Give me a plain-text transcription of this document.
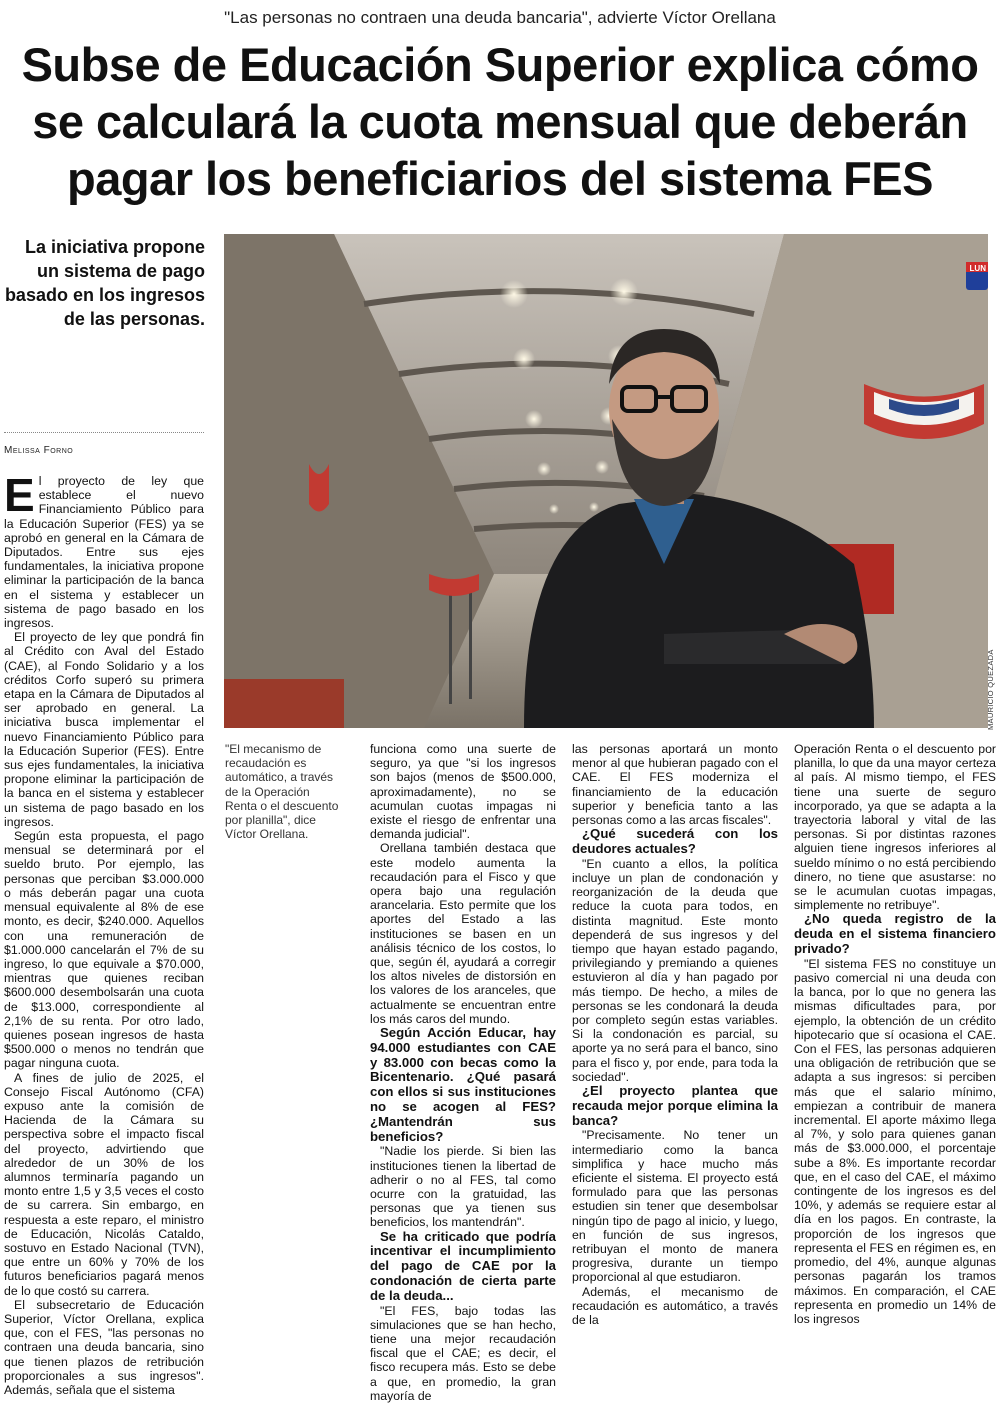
"Las personas no contraen una deuda bancaria", advierte Víctor Orellana
Subse de Educación Superior explica cómo se calculará la cuota mensual que deberán pagar los beneficiarios del sistema FES
La iniciativa propone un sistema de pago basado en los ingresos de las personas.
Melissa Forno

El proyecto de ley que establece el nuevo Financiamiento Público para la Educación Superior (FES) ya se aprobó en general en la Cámara de Diputados. Entre sus ejes fundamentales, la iniciativa propone eliminar la participación de la banca en el sistema y establecer un sistema de pago basado en los ingresos.

El proyecto de ley que pondrá fin al Crédito con Aval del Estado (CAE), al Fondo Solidario y a los créditos Corfo superó su primera etapa en la Cámara de Diputados al ser aprobado en general. La iniciativa busca implementar el nuevo Financiamiento Público para la Educación Superior (FES). Entre sus ejes fundamentales, la iniciativa propone eliminar la participación de la banca en el sistema y establecer un sistema de pago basado en los ingresos.

Según esta propuesta, el pago mensual se determinará por el sueldo bruto. Por ejemplo, las personas que perciban $3.000.000 o más deberán pagar una cuota mensual equivalente al 8% de ese monto, es decir, $240.000. Aquellos con una remuneración de $1.000.000 cancelarán el 7% de su ingreso, lo que equivale a $70.000, mientras que quienes reciban $600.000 desembolsarán una cuota de $13.000, correspondiente al 2,1% de su renta. Por otro lado, quienes posean ingresos de hasta $500.000 o menos no tendrán que pagar ninguna cuota.

A fines de julio de 2025, el Consejo Fiscal Autónomo (CFA) expuso ante la comisión de Hacienda de la Cámara su perspectiva sobre el impacto fiscal del proyecto, advirtiendo que alrededor de un 30% de los alumnos terminaría pagando un monto entre 1,5 y 3,5 veces el costo de su carrera. Sin embargo, en respuesta a este reparo, el ministro de Educación, Nicolás Cataldo, sostuvo en Estado Nacional (TVN), que entre un 60% y 70% de los futuros beneficiarios pagará menos de lo que costó su carrera.

El subsecretario de Educación Superior, Víctor Orellana, explica que, con el FES, "las personas no contraen una deuda bancaria, sino que tienen plazos de retribución proporcionales a sus ingresos". Además, señala que el sistema

LUN
MAURICIO QUEZADA
"El mecanismo de recaudación es automático, a través de la Operación Renta o el descuento por planilla", dice Víctor Orellana.

funciona como una suerte de seguro, ya que "si los ingresos son bajos (menos de $500.000, aproximadamente), no se acumulan cuotas impagas ni existe el riesgo de enfrentar una demanda judicial".

Orellana también destaca que este modelo aumenta la recaudación para el Fisco y que opera bajo una regulación arancelaria. Esto permite que los aportes del Estado a las instituciones se basen en un análisis técnico de los costos, lo que, según él, ayudará a corregir los altos niveles de distorsión en los valores de los aranceles, que actualmente se encuentran entre los más caros del mundo.

Según Acción Educar, hay 94.000 estudiantes con CAE y 83.000 con becas como la Bicentenario. ¿Qué pasará con ellos si sus instituciones no se acogen al FES? ¿Mantendrán sus beneficios?

"Nadie los pierde. Si bien las instituciones tienen la libertad de adherir o no al FES, tal como ocurre con la gratuidad, las personas que ya tienen sus beneficios, los mantendrán".

Se ha criticado que podría incentivar el incumplimiento del pago de CAE por la condonación de cierta parte de la deuda...

"El FES, bajo todas las simulaciones que se han hecho, tiene una mejor recaudación fiscal que el CAE; es decir, el fisco recupera más. Esto se debe a que, en promedio, la gran mayoría de

las personas aportará un monto menor al que hubieran pagado con el CAE. El FES moderniza el financiamiento de la educación superior y beneficia tanto a las personas como a las arcas fiscales".

¿Qué sucederá con los deudores actuales?

"En cuanto a ellos, la política incluye un plan de condonación y reorganización de la deuda que reduce la cuota para todos, en distinta magnitud. Este monto dependerá de sus ingresos y del tiempo que hayan estado pagando, privilegiando y premiando a quienes estuvieron al día y han pagado por más tiempo. De hecho, a miles de personas se les condonará la deuda por completo según estas variables. Si la condonación es parcial, su aporte ya no será para el banco, sino para el fisco y, por ende, para toda la sociedad".

¿El proyecto plantea que recauda mejor porque elimina la banca?

"Precisamente. No tener un intermediario como la banca simplifica y hace mucho más eficiente el sistema. El proyecto está formulado para que las personas estudien sin tener que desembolsar ningún tipo de pago al inicio, y luego, en función de sus ingresos, retribuyan el monto de manera progresiva, durante un tiempo proporcional al que estudiaron.

Además, el mecanismo de recaudación es automático, a través de la

Operación Renta o el descuento por planilla, lo que da una mayor certeza al país. Al mismo tiempo, el FES tiene una suerte de seguro incorporado, ya que se adapta a la trayectoria laboral y vital de las personas. Si por distintas razones alguien tiene ingresos inferiores al sueldo mínimo o no está percibiendo dinero, no tiene que asustarse: no se le acumulan cuotas impagas, simplemente no retribuye".

¿No queda registro de la deuda en el sistema financiero privado?

"El sistema FES no constituye un pasivo comercial ni una deuda con la banca, por lo que no genera las mismas dificultades para, por ejemplo, la obtención de un crédito hipotecario que sí ocasiona el CAE. Con el FES, las personas adquieren una obligación de retribución que se adapta a sus ingresos: si perciben más que el salario mínimo, empiezan a contribuir de manera incremental. El aporte máximo llega al 7%, y solo para quienes ganan más de $3.000.000, el porcentaje sube a 8%. Es importante recordar que, en el caso del CAE, el máximo contingente de los ingresos es del 10%, y además se requiere estar al día en los pagos. En contraste, la proporción de los ingresos que representa el FES en régimen es, en promedio, del 4%, aunque algunas personas pagarán los tramos máximos. En comparación, el CAE representa en promedio un 14% de los ingresos
